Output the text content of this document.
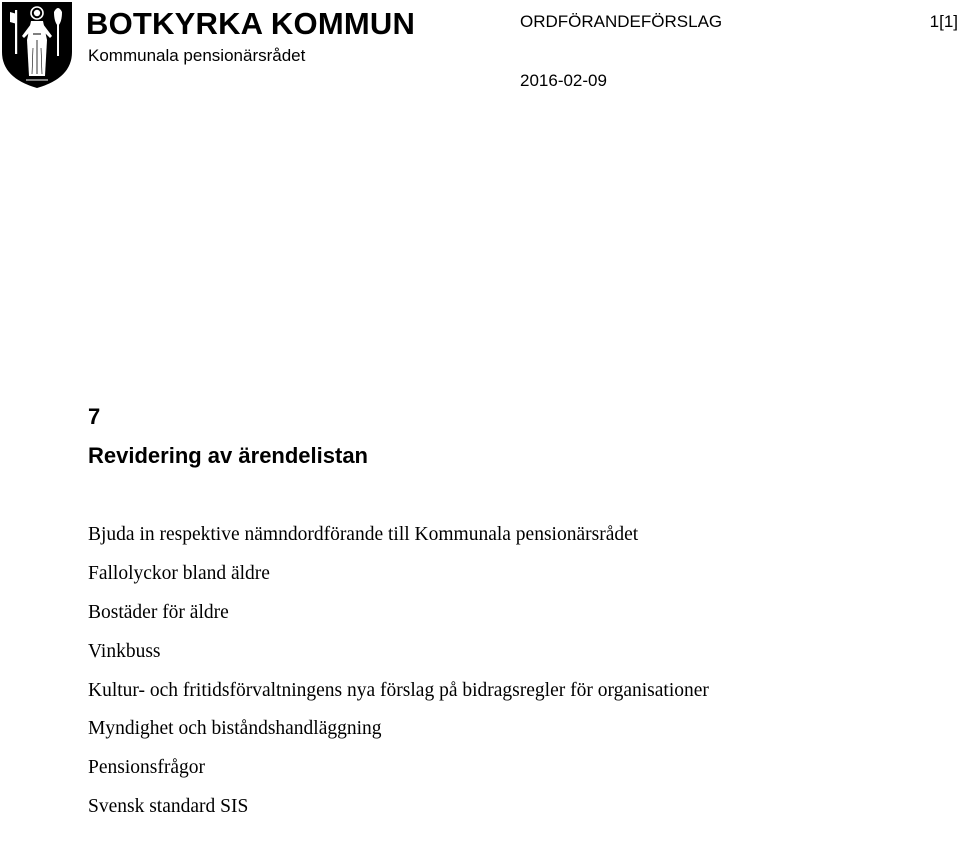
BOTKYRKA KOMMUN
Kommunala pensionärsrådet
ORDFÖRANDEFÖRSLAG	1[1]
2016-02-09
7
Revidering av ärendelistan
Bjuda in respektive nämndordförande till Kommunala pensionärsrådet
Fallolyckor bland äldre
Bostäder för äldre
Vinkbuss
Kultur- och fritidsförvaltningens nya förslag på bidragsregler för organisationer
Myndighet och biståndshandläggning
Pensionsfrågor
Svensk standard SIS
